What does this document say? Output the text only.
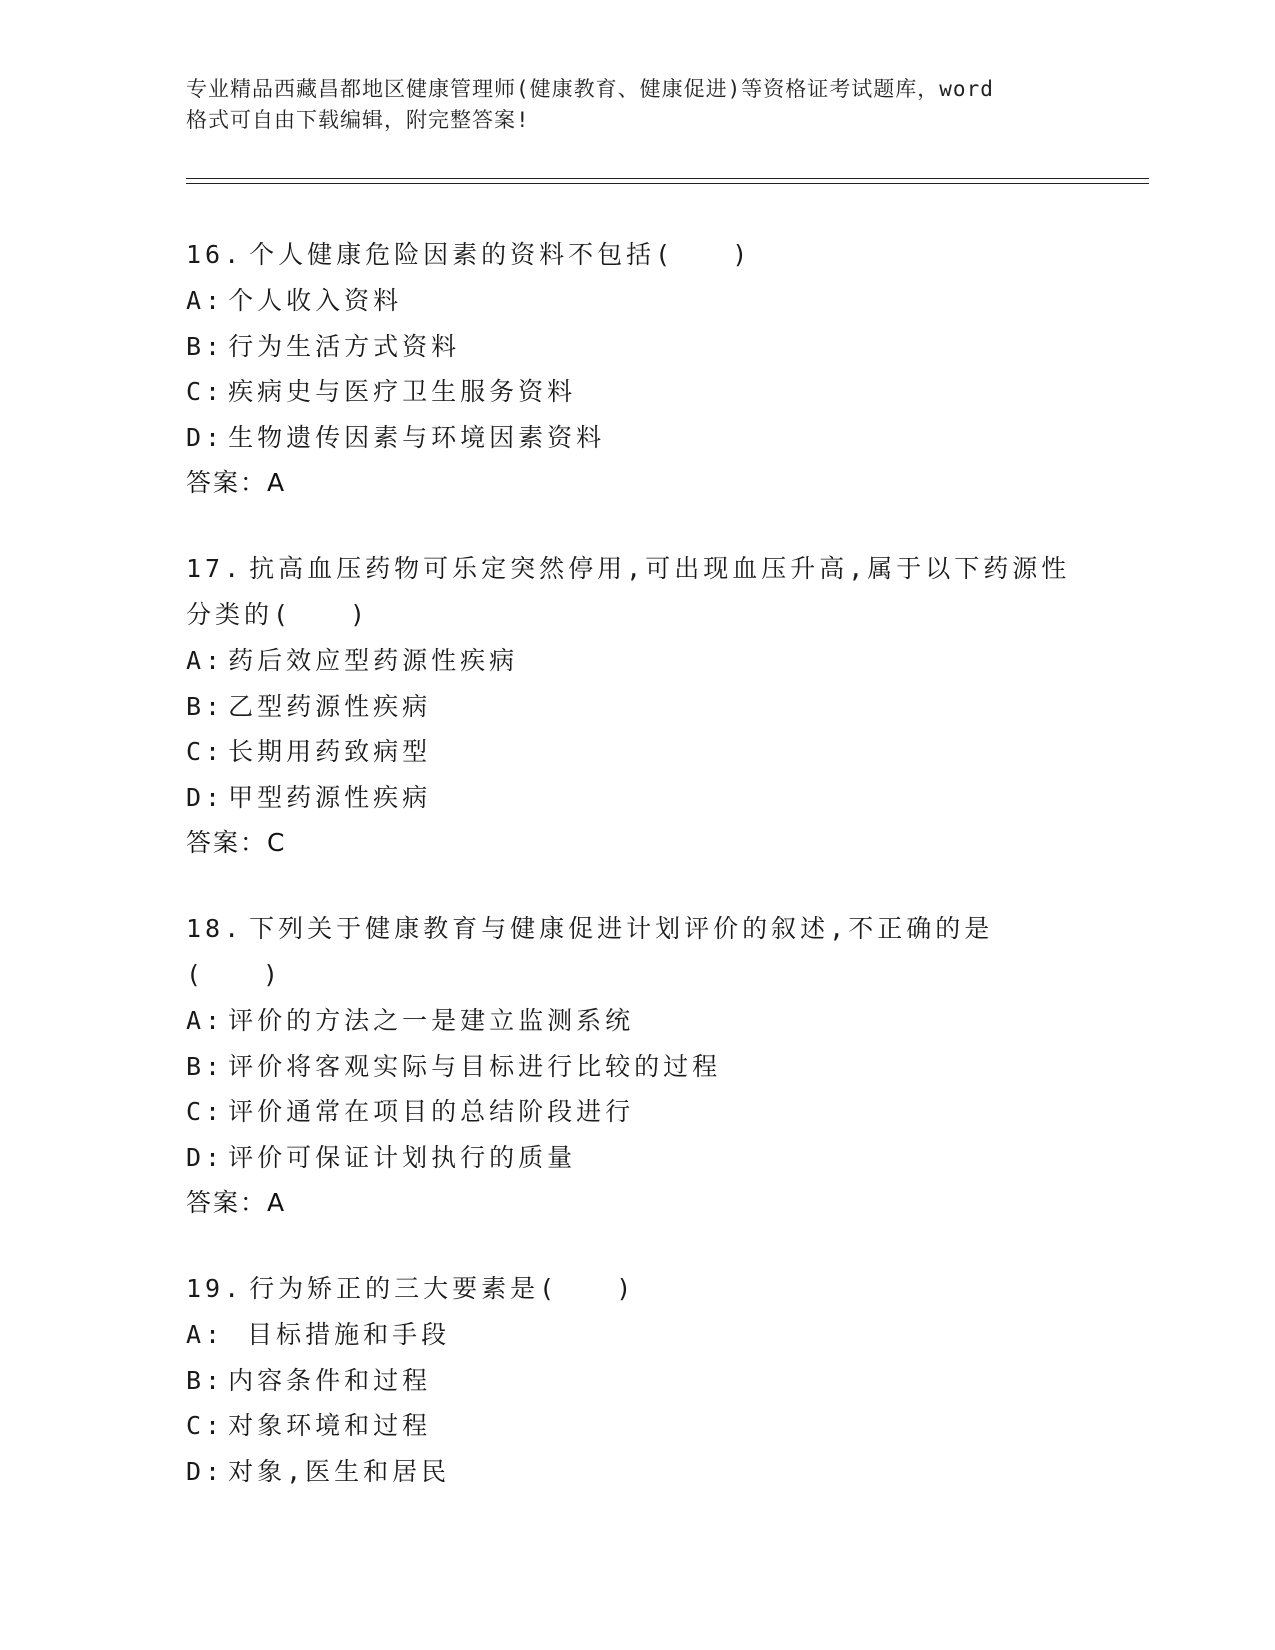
专业精品西藏昌都地区健康管理师(健康教育、健康促进)等资格证考试题库，word
格式可自由下载编辑，附完整答案!
16. 个人健康危险因素的资料不包括(　　)
A: 个人收入资料
B: 行为生活方式资料
C: 疾病史与医疗卫生服务资料
D: 生物遗传因素与环境因素资料
答案：A
17. 抗高血压药物可乐定突然停用,可出现血压升高,属于以下药源性
分类的(　　)
A: 药后效应型药源性疾病
B: 乙型药源性疾病
C: 长期用药致病型
D: 甲型药源性疾病
答案：C
18. 下列关于健康教育与健康促进计划评价的叙述,不正确的是(　　)
A: 评价的方法之一是建立监测系统
B: 评价将客观实际与目标进行比较的过程
C: 评价通常在项目的总结阶段进行
D: 评价可保证计划执行的质量
答案：A
19. 行为矫正的三大要素是(　　)
A: 目标措施和手段
B: 内容条件和过程
C: 对象环境和过程
D: 对象,医生和居民
